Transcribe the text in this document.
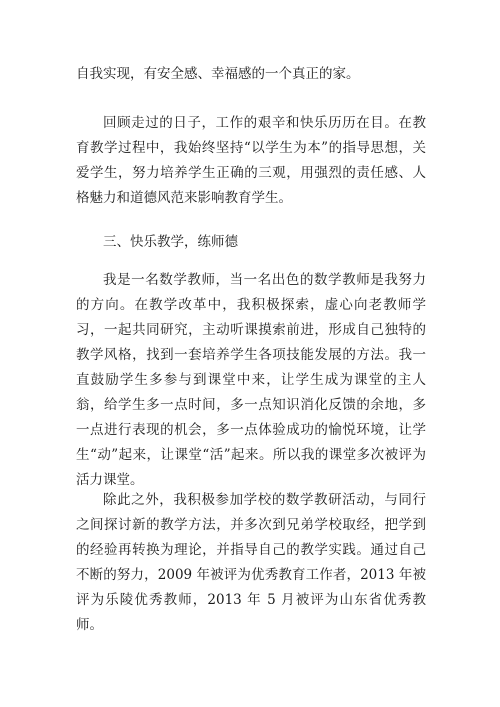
自我实现，有安全感、幸福感的一个真正的家。

回顾走过的日子，工作的艰辛和快乐历历在目。在教育教学过程中，我始终坚持“以学生为本”的指导思想，关爱学生，努力培养学生正确的三观，用强烈的责任感、人格魅力和道德风范来影响教育学生。

三、快乐教学，练师德

我是一名数学教师，当一名出色的数学教师是我努力的方向。在教学改革中，我积极探索，虚心向老教师学习，一起共同研究，主动听课摸索前进，形成自己独特的教学风格，找到一套培养学生各项技能发展的方法。我一直鼓励学生多参与到课堂中来，让学生成为课堂的主人翁，给学生多一点时间，多一点知识消化反馈的余地，多一点进行表现的机会，多一点体验成功的愉悦环境，让学生“动”起来，让课堂“活”起来。所以我的课堂多次被评为活力课堂。

除此之外，我积极参加学校的数学教研活动，与同行之间探讨新的教学方法，并多次到兄弟学校取经，把学到的经验再转换为理论，并指导自己的教学实践。通过自己不断的努力，2009 年被评为优秀教育工作者，2013 年被评为乐陵优秀教师，2013 年 5 月被评为山东省优秀教师。
